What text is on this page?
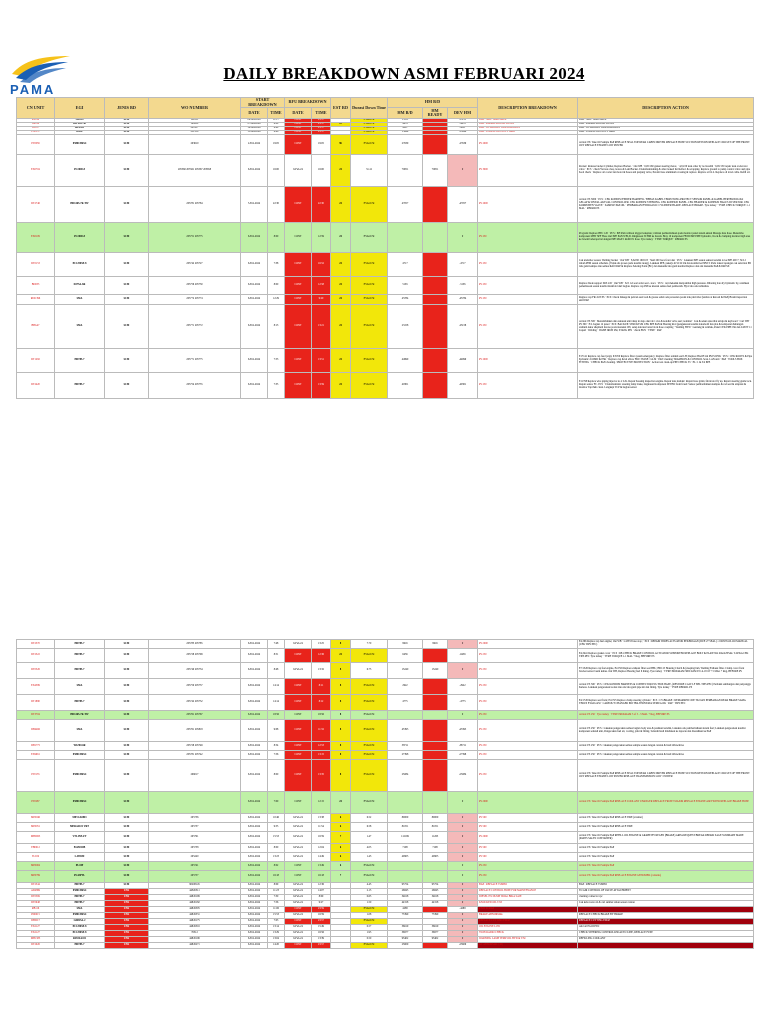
PAMA
DAILY BREAKDOWN ASMI FEBRUARI 2024
CN UNIT	EGI	JENIS BD	WO NUMBER	START BREAKDOWN		RFU BREAKDOWN		EST RD	Durasi Down Time	HM B/D			DESCRIPTION BREAKDOWN	DESCRIPTION ACTION
				DATE	TIME	DATE	TIME			HM B/D	HM READY	DEV HM		
PG016	GD514	SCM	196111	09-Jan-2024	11:17	CONT	23:57		EVALUSI	13151		-13151	BAP : SIDE TRANSMISI	BAP : SIDE TRANSMISI
HP019	HD 465-7R	SCM	199912	27-Jan-2024	6:00	CONT	23:57	22	EVALUSI	4433		-4433	BAP : REPAIR MOTOR SWING	BAP : REPAIR MOTOR SWING
FB037	MF2103	SCM	201937	10-Jan-2024	9:40	CONT	23:57		EVALUSI	4267		-4267	BAP : OVERHAUL TRANSMISSION	BAP : OVERHAUL TRANSMISSION
FN0357	D85E	SCM	201158	13-Jan-2024	9:48	CONT	23:57		EVALUSI	13994		-13994	BAP : ENGINE BLOW BY HIGH	BAP : ENGINE BLOW BY HIGH
PT0039	P380CB6X4	SCM	203610	2-Feb-2024	19:05	CONT	19:05	96	EVALUSI	27639		-27639	PS 2000	Action: PS: Take Oil Sample PAP REPLACE SEAL TOP REAR CABIN DRIVER REPLACE HOSE SUCTION RETURN REPLACE CIRCUIT OF THE FRONT OUT REPLACE ENGINE LOW POWER
EX0704	PC2000-8	SCM	205560 205561 205567 203658	6-Feb-2024	16:00	6-Feb-24	16:00	24	31.12	70051	70051	0	PS 3000	Rocker: Release bucket Cylinder, Replace Bucket. · Out WB · 6,65/160 gasket steering motor, · 4,91/20 leak order by no breadth · 6,65/150 repair leak at elevator valve · PCS · check+ferrous clear, leaves & Lem Bucket. Undermaintaining & other leaked list Reflect & scrapping. Replace ground to pump control valve and pipe hood check · Replace oil cooler fan motor & hoses and panjang valve, Pan kit hose aluminum crossing & replace. Replace oil in 2. Replace oil level cable. Refill oil.
DT2746	HD1465-7R-TW	SCM	205781 205784	5-Feb-2024	22:30	CONT	22:30	24	EVALUSI	47057		-47057	PS 2000	Action: PS 3000 · PCS : CEK KONDISI FINDER HARNESS / BEBAS KABEL TERPOTONG PROTECT SENSOR PANEL & KABEL BERTEKNOLOGI GELAP & SINYAL AKTUAL CONTROLLER. CEK KONDISI STEERING. CEK KONEKSI PANEL. CEK HEADER & KONEKSI HALUS DI SEKTOR. CEK KOMPONEN VALVE · SAMPLE PAP OIL · PERBAIKAN HYDRAULIC CYLINDER BLADE. REPLACE BRAKE. Tyre turkey · TYRE CHECK TORQUE 1-1 MAL · REPAIR PS
EX0109	PC2000-8	SCM	205751 205775	6-Feb-2024	8:00	CONT	12:59	24	EVALUSI			0	PS 250	Program: Replace BEC 120 · PCS : P.H Pam without trigger leakplate; validasi pemberitahuan pada monitor panel sistem aktual Manage data hose. Menerima komponen MHT SPF Hose dari PPE PAN WELD. Ringkasan 30 HM ke bawah. Bray 10 komponen FB DUMP PIPE hydraulic, block & clamping monitor high area ke bawah beberapa hal dengan PPE MAST. Refill P1 hose. Tyre turkey · TYRE TORQUE · REPAIR PS
DT0153	PC1250SP-8	SCM	205742 205727	6-Feb-2024	7:38	CONT	16:52	24	EVALUSI	4717		-4717	PS 250	Cek undertlec sesuai. Welding bucket · Out WB · 8,62/90 160/105 · Skid 200 bace front dan · PCS · Lakukan PPE sesuai sekresi kondisi lo ke PPE 400 7; SCLI dalam PPM sesuai schedule. (Tidak ada proses pada kondisi ruang). Lakukan PPE, pekerja di SCLI blk dan kondisi ke PPM 3: Pada lokasi lapangan cek selection PD lalu ganti kampas dan semua Refill PAP & Replace Sekring Point (BC) dan mekanik lalu ganti kondisi Replace dan alat mekanik PAP & PAP.SX
BD033	D375A-6R	SCM	205756 205730	6-Feb-2024	8:00	CONT	12:58	24	EVALUSI	5165		-5165	PS 250	Replace blade support SRS 245 · Out WB · 32/1 GJ seal order seal - stacr. · PCS : cari mekanik menyambut high pressure. Dibaring dan dry hydraulic by, resimkan pemeriksaan sesuai kondisi manifold dari bagian. Replace cap PM ke kisaran semua fuel pembersih. Hyd. lalu cek tambahan.
RD0.396	SMA	SCM	205772 205774	6-Feb-2024	12:29	CONT	9:20	24	EVALUSI	45784		-45784	PS 250	Replace cap FR/-023 PS · PCS: Check linkage & pelican seal load & grease sebab ada persoalan posisi trak pin/roller (lendan at Reroad & PAP) Brush inspection aktif PAP
BBG47	SMA	SCM	205771 205772	6-Feb-2024	8:13	CONT	13:21	24	EVALUSI	23158		-23158	PS 250	Action: PS 500 · Menambahkan data tekanan unit tahap in depo dan tab 1 slot & kondisi valve seal; nominal · Cek & sekut atau nilai tertuju & keyboard · Cari WB · PS 300 · E/L bagian 12 panel · PCS: BACKUP: STRUKTUR CEK PPE PAN & Bearing Rod (pengukuran kondisi lokomotif dan plat & komponen hubungan stadium tukar shepherd dan ke posisi koneksi ON, setup lencana batas block hose coupling · Welding HYD · Gantung & rombak, Panel CEK PPH: Pin dan LM PT 11 Liquid · Welding · WASH IRON 2M, STANG PIN · check BUS · TYRE · PAP
DT1282	HD785-7	SCM	205771 205775	6-Feb-2024	7:53	CONT	13:51	24	EVALUSI	44999		-44999	PS 2000	E17141 Replace cap feed jorgn; 6/5050 Replace filter system emergency; Replace filter remind seal LH; Replace BACH dal PM SI PSK · PCS : CEK ROOTS & Pipa hydraulic di OMD & PSK · Replace cup & kit elbow FRU 3X2XE / GLM · PAN cleaning TRAMSION & CONTROL Scan. LAN unit · PAP · TOOLS BOX FITTING · CHECK PAN cleaning / PROTECTIVE PROTECTION · Action test clean-up PPE CHECK 53 · EL: 1 & 3/4 PPE
DT2420	HD785-7	SCM	205754 205755	6-Feb-2024	7:35	CONT	13:59	24	EVALUSI	40301		-40301	PS 250	E11798 Replace wire piping injector no 2 L/K. Repair housing inspection engine. Repair lens madder: Repair hose grind, fabricator fly up. Repair steering guide lock. Repair sensor FC. PCS · Undermaintain: steering lamp brake, ringkasan Komponen ZETHO from fraud: Sensor pemberitahuan kampas & rod seal & adaptasi & monitor Tapi hub clean. Lengkapi TCP & bagian sensor
DT2370	HD785-7	SCM	205783 205785	6-Feb-2024	7:48	6-Feb-24	13:25	8	7.70	9916	9916	0	PS 2000	E4,366 Replace tap fuel engine; Out WB · L43333 fuse stop; · PCS : REPAIR WIRES ACTUATOR PEKERJAAN (DUE 27 SEAL) = DOWN-OLOO MANUAL (CEK TIPS PEC)
DT2322	HD785-7	SCM	205728 205799	6-Feb-2024	8:51	CONT	12:36	24	EVALUSI	6456		-6456	PS 250	E4,3441 Replace gasket cover · PCS : RE-CHECK BRAKE CONTROL ACTUATOR SUPPORTER REPLACE BOLT & PLANTLK RAGUNSAL T-LEKA CEK TIPS PEC Tyre turkey · TYRE TORQUE 1-1 MAL + Reg, BEFORE PS
DT0326	HD785-7	SCM	205740 205734	6-Feb-2024	8:48	6-Feb-24	13:32	8	6.75	13240	13240	0	PS 250	E7/1326 Replace cap fuel engine, E41726 Replace exhaust filter seal BEL; HD115 Housing Clutch & (sleeping hub, Welding Exhaust filter. Clamp cover front bracket sensor beam kubus. Out WB, Replace Bearing fuel 6 lining. Tyre turkey · TYRE PROGRAM 3000 ASM 03 1A 18 18 + 5 MAL + Reg, BEFORE PS
EX4589	SMA	SCM	205750 205757	6-Feb-2024	14:14	CONT	8:11	8	EVALUSI	2922		-2922	PS 250	Action: PS 500 · PCS : CEK KONDISI HARNESS & CONNECTOR PCU BOX BASE, (RESTORE CALT LF SBL TIPS PEC) Perbaiki sambungan dan penyangga harness. Lakukan pengecekan isolasi dan cek lalu ganti pipe kit dan fitting. Tyre turkey · TYRE REPAIR. PS
DT1880	HD785-7	SCM	205742 205752	6-Feb-2024	14:14	CONT	8:12	8	EVALUSI	4775		-4775	PS 250	E4/1726 Replace seal front; E41725 Replace clamp steering cylinder · PCS : CV-BRAKE : REMARKED CDE TK DAN PERBAIKAN REAR BRAKE SAMA TERUS EVALUASI · CAREOUT CHANGER PRI TBA TERNYATA SEMUA OK · PAP · TIPS PEC
DT3704	HD1465-7R-TW	SCM	205761 205767	6-Feb-2024	18:56	CONT	18:56	8	EVALUSI			0	PS 250	Action: PS 250 · Tyre turkey · TYRE PROGRAM 3 of 5 - 3 MAL + Reg, BEFORE PS
DB4496	SMA	SCM	205761 205818	6-Feb-2024	9:08	CONT	11:32	8	EVALUSI	45395		-45395	PS 250	Action: PS 250 · PCS : Lakukan pengecekan semua bagian body atas & pastikan kondisi, Lakukan cek pemberitahuan sistem fuel; Lakukan pengecekan kondisi komponen seluruh unit, Pengecekan fuel air, cooling, jalur & fitting. Seluruh hasil dituliskan ke laporan dan diserahkan ke PAP
DB1775	WA700-6R	SCM	205728 205749	6-Feb-2024	8:54	CONT	12:53	8	EVALUSI	38711		-38711	PS 250	Action: PS 250 · PCS : lakukan pengecekan semua sample sesuai dengan catatan & hasil dibawah ke
EX9961	P380CB6X4	SCM	205781 205742	6-Feb-2024	7:56	CONT	13:15	8	EVALUSI	27398		-27398	PS 250	Action: PS 250 · PCS : lakukan pengecekan semua sample sesuai dengan catatan & hasil dibawah ke
PT0135	P380CB6X4	SCM	206017	6-Feb-2024	8:00	CONT	13:35	8	EVALUSI	25084		-25084	PS 250	Action: PS: Take Oil Sample PAP REPLACE SEAL TOP REAR CABIN DRIVER REPLACE HOSE SUCTION RETURN REPLACE CIRCUIT OF THE FRONT OUT REPLACE ENGINE LOW POWER REPLACE TRANSMISSION LOW / POWER
PT0287	P380CB6X4	SCM		6-Feb-2024	7:00	CONT	12:15	24	EVALUSI			0	PS 2000	Action: PS: Take Oil Sample PAP REPLACE COOLANT CHANGER REPLACE FRONT MAJOR REPLACE ENGINE AIR FILTER REPLACE BRAKE HOSE
MP0046	MP1CA0801	SCM	205736	6-Feb-2024	10:46	6-Feb-24	13:38	6	6.52	80009	80009	0	PS 500	Action: PS: Take Oil Sample PAP REPLACE TIRE (strainer)
MP0051	MERA2101 VRT	SCM	205737	6-Feb-2024	9:55	6-Feb-24	11:54	6	6.58	81051	81051	0	PS 500	Action: PS: Take Oil Sample PAP REPLACE TIRE
MH0065	VTLINE-FT	SCM	205791	6-Feb-2024	15:53	6-Feb-24	16:59	7	1.47	112169	11265	0	PS 2000	Action: PS: Take Oil Sample PAP REFILL OIL ENGINE & GRABE BY REGEN (BRAKE) AREA REQUEST BREAK REPAIR SAGE SUMMARY MADE (PARTS SALES CONTAINER)
EB0012	EGH210B	SCM	205738	6-Feb-2024	8:00	6-Feb-24	12:04	6	4.05	7198	7198	0	PS 500	Action: PS: Take Oil Sample PAP
TL919	L-BS950	SCM	205240	6-Feb-2024	13:23	6-Feb-24	14:49	6	1.43	40905	40905	0	PS 500	Action: PS: Take Oil Sample PAP
MP0004	PL43P	SCM	205741	6-Feb-2024	8:02	CONT	13:49	6	EVALUSI			0	PS 250	Action: PS: Take Oil Sample PAP
MP0799	PL43PTL	SCM	205757	6-Feb-2024	16:18	CONT	16:18	7	EVALUSI			0	PS 250	Action: PS: Take Oil Sample PAP REPLACE ENGINE GENOMER (contains)
DT2344	HD785-7	SCM	90208145	6-Feb-2024	8:09	6-Feb-24	12:36		4.45	95754	95754	0	BAP : REPLACE TURBO	BAP : REPLACE TURBO
AD4899	P380CB6X4	UNS	44845311	6-Feb-2024	11:23	6-Feb-24	14:07		2.15	26845	26845	0	REPLACE CONTROL HOSE FOR MAINTENANCE	TO AIR CONTROL OF VALVE ATTACHMENT
DT0569	HD785-7	UNS	44845199	6-Feb-2024	7:30	6-Feb-24	8:09		0.65	34618	34618	0	DIESEL EX DUMP TRIAL BIKA SAJE	cleaning connector rpc
DT0948	HD785-7	UNS	44845182	6-Feb-2024	7:56	6-Feb-24	9:27		1.50	44318	44318	0	KNOCKED OIL T/M	Cek kebocoran oli & cari sumber aman sesuai catatan
RB116	SMA	UNS	44845305	6-Feb-2024	11:06	CONT	23:59		EVALUSI	4288		-4288	UNIT SCRAP	
PD6015	P380CB6X4	UNS	44845331	6-Feb-2024	15:53	6-Feb-24	16:59		1.08	75399	75399	0	BRAKE ABNORMAL	REPLACE CHECK BRAKE BY BRAKE
DB0017	GD825A-2	UNS	44845175	6-Feb-2024	7:03	CONT	23:57		EVALUSI			0	REPLACE CUTTING EDGE	REPLACE CUTTING EDGE
EX2127	PC1250SP-8	UNS	44845316	6-Feb-2024	13:14	6-Feb-24	15:49		0.57	36619	36619	0	OIL ENGINE LOW	Add oil EGOI PTO
EX2127	PC1250SP-8	UNS	76312	6-Feb-2024	13:29	6-Feb-24	16:56		1.95	36977	36977	0	SWIN RADIO CHECK	CHECK STEERING CONTROLLER AUTO LINE, REPLACE FUSE
MH1383	R292SA431	UNS	44845106	6-Feb-2024	13:04	6-Feb-24	13:39		0.50	93402	93402	0	WARNING LAMP TEMP OIL HYD & T/M	REFILLING COOLANT
DT2026	HD785-7	UNS	44845271	6-Feb-2024	14:20	CONT	23:57		EVALUSI	23609		-23609	AC ABNORMAL (16)	
